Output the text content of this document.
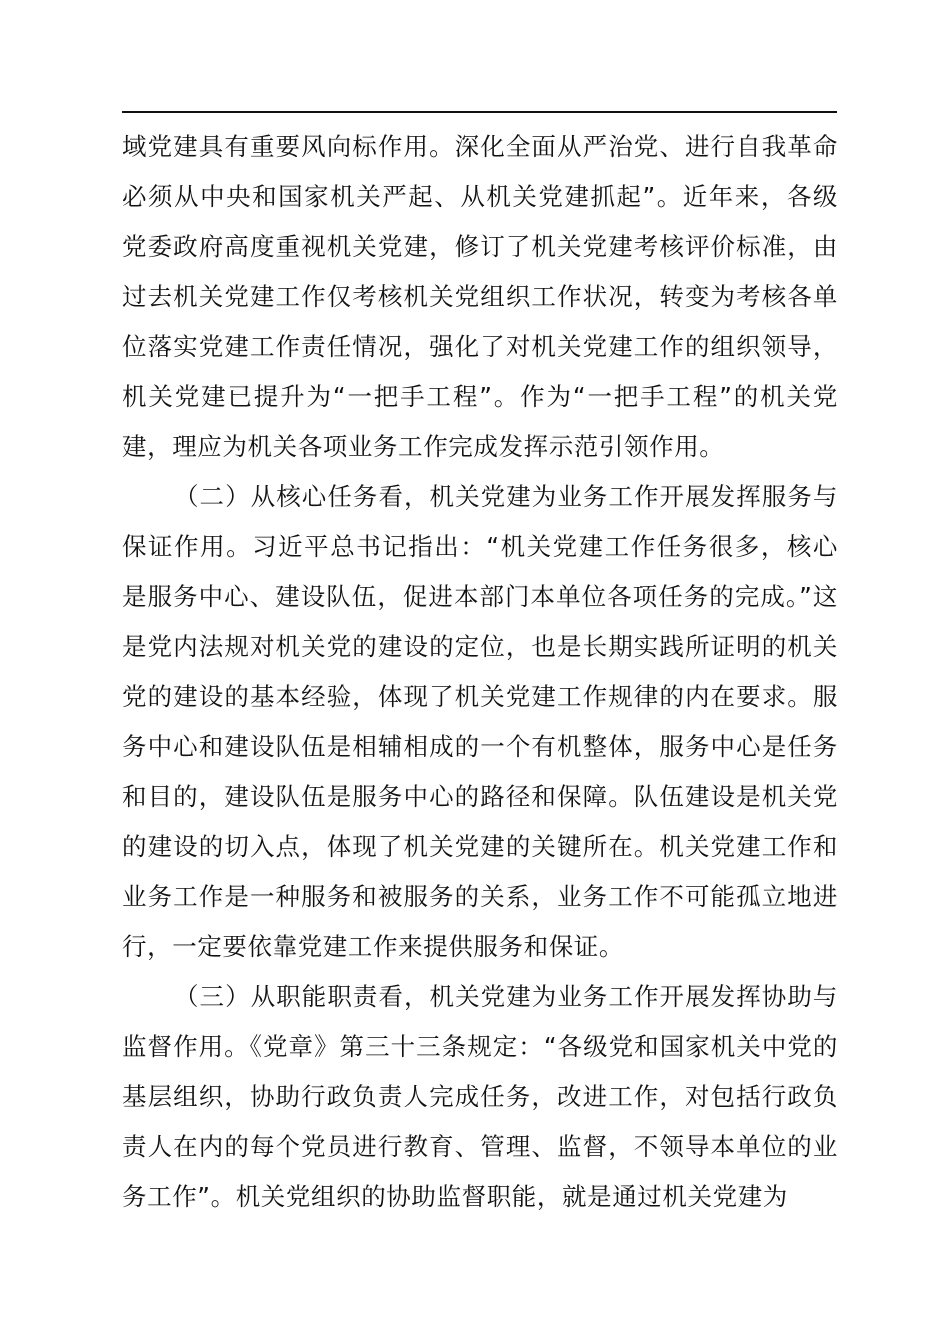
域党建具有重要风向标作用。深化全面从严治党、进行自我革命必须从中央和国家机关严起、从机关党建抓起”。近年来，各级党委政府高度重视机关党建，修订了机关党建考核评价标准，由过去机关党建工作仅考核机关党组织工作状况，转变为考核各单位落实党建工作责任情况，强化了对机关党建工作的组织领导，机关党建已提升为“一把手工程”。作为“一把手工程”的机关党建，理应为机关各项业务工作完成发挥示范引领作用。

（二）从核心任务看，机关党建为业务工作开展发挥服务与保证作用。习近平总书记指出：“机关党建工作任务很多，核心是服务中心、建设队伍，促进本部门本单位各项任务的完成。”这是党内法规对机关党的建设的定位，也是长期实践所证明的机关党的建设的基本经验，体现了机关党建工作规律的内在要求。服务中心和建设队伍是相辅相成的一个有机整体，服务中心是任务和目的，建设队伍是服务中心的路径和保障。队伍建设是机关党的建设的切入点，体现了机关党建的关键所在。机关党建工作和业务工作是一种服务和被服务的关系，业务工作不可能孤立地进行，一定要依靠党建工作来提供服务和保证。

（三）从职能职责看，机关党建为业务工作开展发挥协助与监督作用。《党章》第三十三条规定：“各级党和国家机关中党的基层组织，协助行政负责人完成任务，改进工作，对包括行政负责人在内的每个党员进行教育、管理、监督，不领导本单位的业务工作”。机关党组织的协助监督职能，就是通过机关党建为
